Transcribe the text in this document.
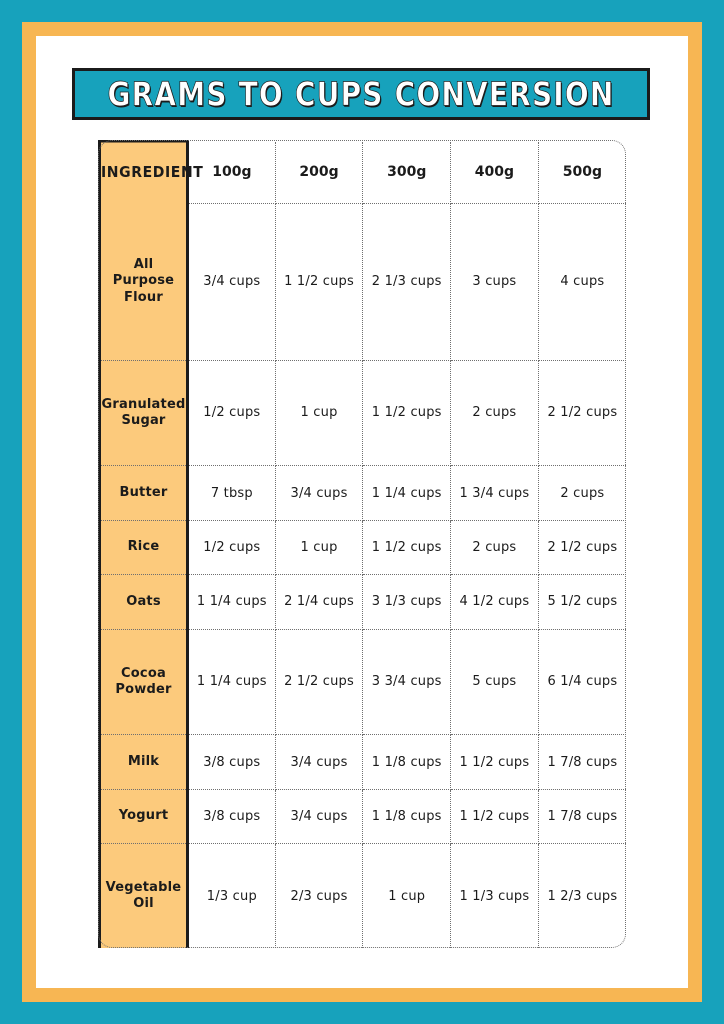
GRAMS TO CUPS CONVERSION
INGREDIENT	100g	200g	300g	400g	500g
All Purpose Flour	3/4 cups	1 1/2 cups	2 1/3 cups	3 cups	4 cups
Granulated Sugar	1/2 cups	1 cup	1 1/2 cups	2 cups	2 1/2 cups
Butter	7 tbsp	3/4 cups	1 1/4 cups	1 3/4 cups	2 cups
Rice	1/2 cups	1 cup	1 1/2 cups	2 cups	2 1/2 cups
Oats	1 1/4 cups	2 1/4 cups	3 1/3 cups	4 1/2 cups	5 1/2 cups
Cocoa Powder	1 1/4 cups	2 1/2 cups	3 3/4 cups	5 cups	6 1/4 cups
Milk	3/8 cups	3/4 cups	1 1/8 cups	1 1/2 cups	1 7/8 cups
Yogurt	3/8 cups	3/4 cups	1 1/8 cups	1 1/2 cups	1 7/8 cups
Vegetable Oil	1/3 cup	2/3 cups	1 cup	1 1/3 cups	1 2/3 cups
